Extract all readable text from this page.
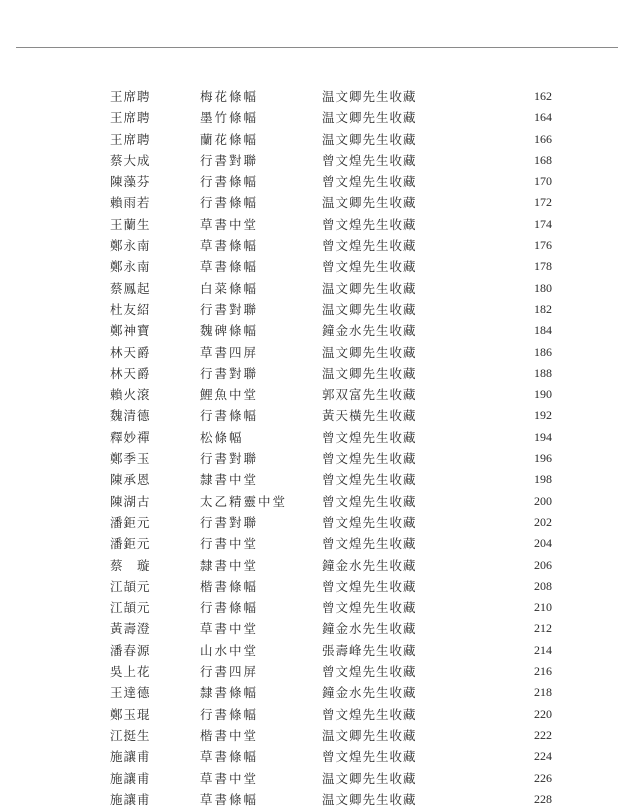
王席聘	梅花條幅	温文卿先生收藏	162
王席聘	墨竹條幅	温文卿先生收藏	164
王席聘	蘭花條幅	温文卿先生收藏	166
蔡大成	行書對聯	曾文煌先生收藏	168
陳藻芬	行書條幅	曾文煌先生收藏	170
賴雨若	行書條幅	温文卿先生收藏	172
王蘭生	草書中堂	曾文煌先生收藏	174
鄭永南	草書條幅	曾文煌先生收藏	176
鄭永南	草書條幅	曾文煌先生收藏	178
蔡鳳起	白菜條幅	温文卿先生收藏	180
杜友紹	行書對聯	温文卿先生收藏	182
鄭神寶	魏碑條幅	鐘金水先生收藏	184
林天爵	草書四屏	温文卿先生收藏	186
林天爵	行書對聯	温文卿先生收藏	188
賴火滾	鯉魚中堂	郭双富先生收藏	190
魏清德	行書條幅	黃天橫先生收藏	192
釋妙禪	松條幅	曾文煌先生收藏	194
鄭季玉	行書對聯	曾文煌先生收藏	196
陳承恩	隸書中堂	曾文煌先生收藏	198
陳湖古	太乙精靈中堂	曾文煌先生收藏	200
潘鉅元	行書對聯	曾文煌先生收藏	202
潘鉅元	行書中堂	曾文煌先生收藏	204
蔡　璇	隸書中堂	鐘金水先生收藏	206
江頡元	楷書條幅	曾文煌先生收藏	208
江頡元	行書條幅	曾文煌先生收藏	210
黃壽澄	草書中堂	鐘金水先生收藏	212
潘春源	山水中堂	張壽峰先生收藏	214
吳上花	行書四屏	曾文煌先生收藏	216
王達德	隸書條幅	鐘金水先生收藏	218
鄭玉琨	行書條幅	曾文煌先生收藏	220
江挺生	楷書中堂	温文卿先生收藏	222
施讓甫	草書條幅	曾文煌先生收藏	224
施讓甫	草書中堂	温文卿先生收藏	226
施讓甫	草書條幅	温文卿先生收藏	228
